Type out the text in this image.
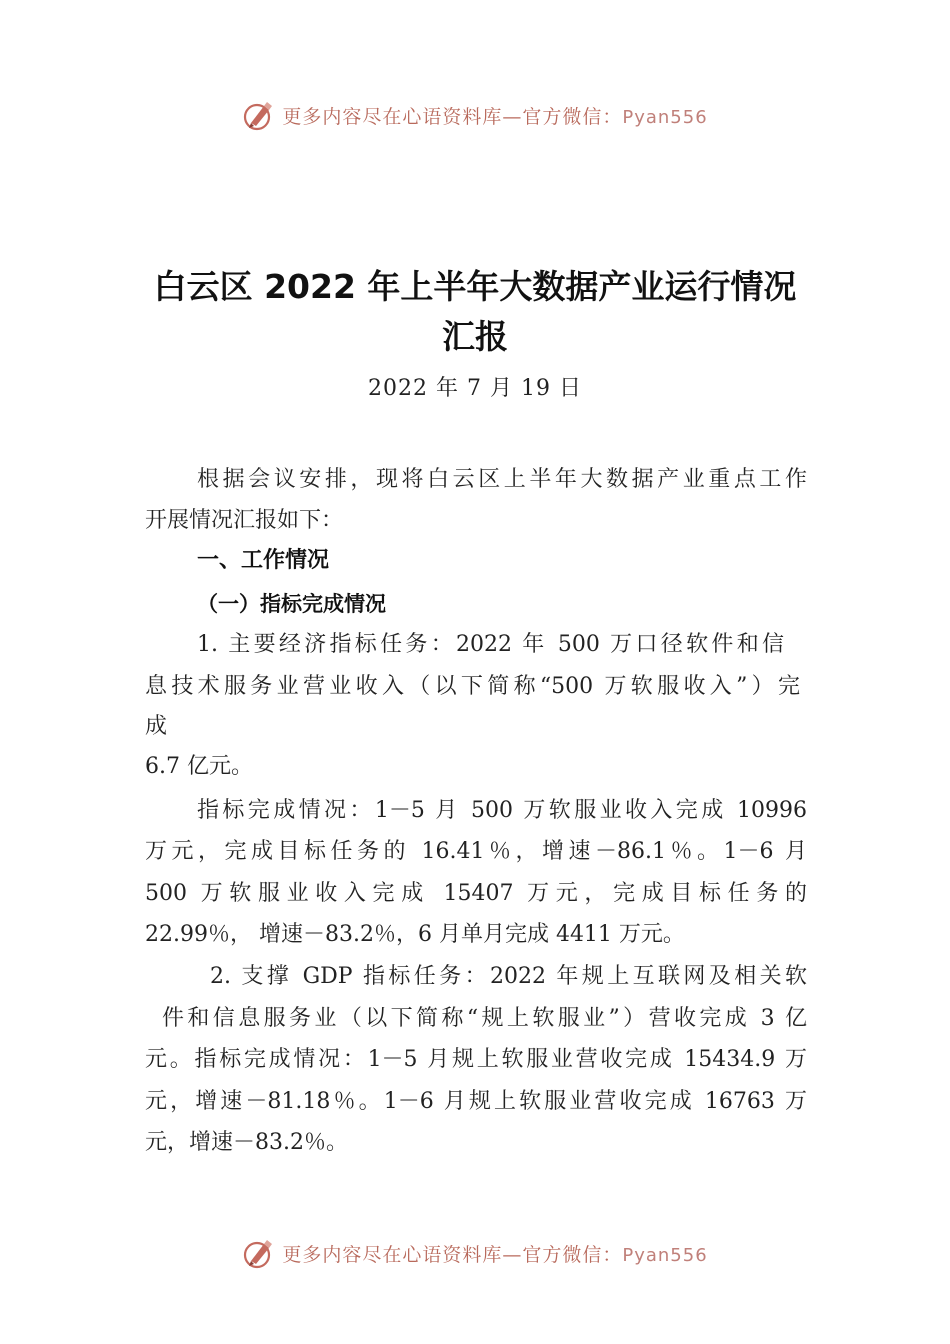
更多内容尽在心语资料库—官方微信：Pyan556
白云区 2022 年上半年大数据产业运行情况
汇报
2022 年 7 月 19 日
根据会议安排，现将白云区上半年大数据产业重点工作
开展情况汇报如下：
一、工作情况
（一）指标完成情况
1. 主要经济指标任务：2022 年 500 万口径软件和信
息技术服务业营业收入（以下简称“500 万软服收入”）完
成
6.7 亿元。
指标完成情况：1－5 月 500 万软服业收入完成 10996
万元，完成目标任务的 16.41％，增速－86.1％。1－6 月
500 万软服业收入完成 15407 万元，完成目标任务的
22.99％， 增速－83.2％，6 月单月完成 4411 万元。
2. 支撑 GDP 指标任务：2022 年规上互联网及相关软
件和信息服务业（以下简称“规上软服业”）营收完成 3 亿
元。指标完成情况：1－5 月规上软服业营收完成 15434.9 万
元，增速－81.18％。1－6 月规上软服业营收完成 16763 万
元，增速－83.2％。
更多内容尽在心语资料库—官方微信：Pyan556
